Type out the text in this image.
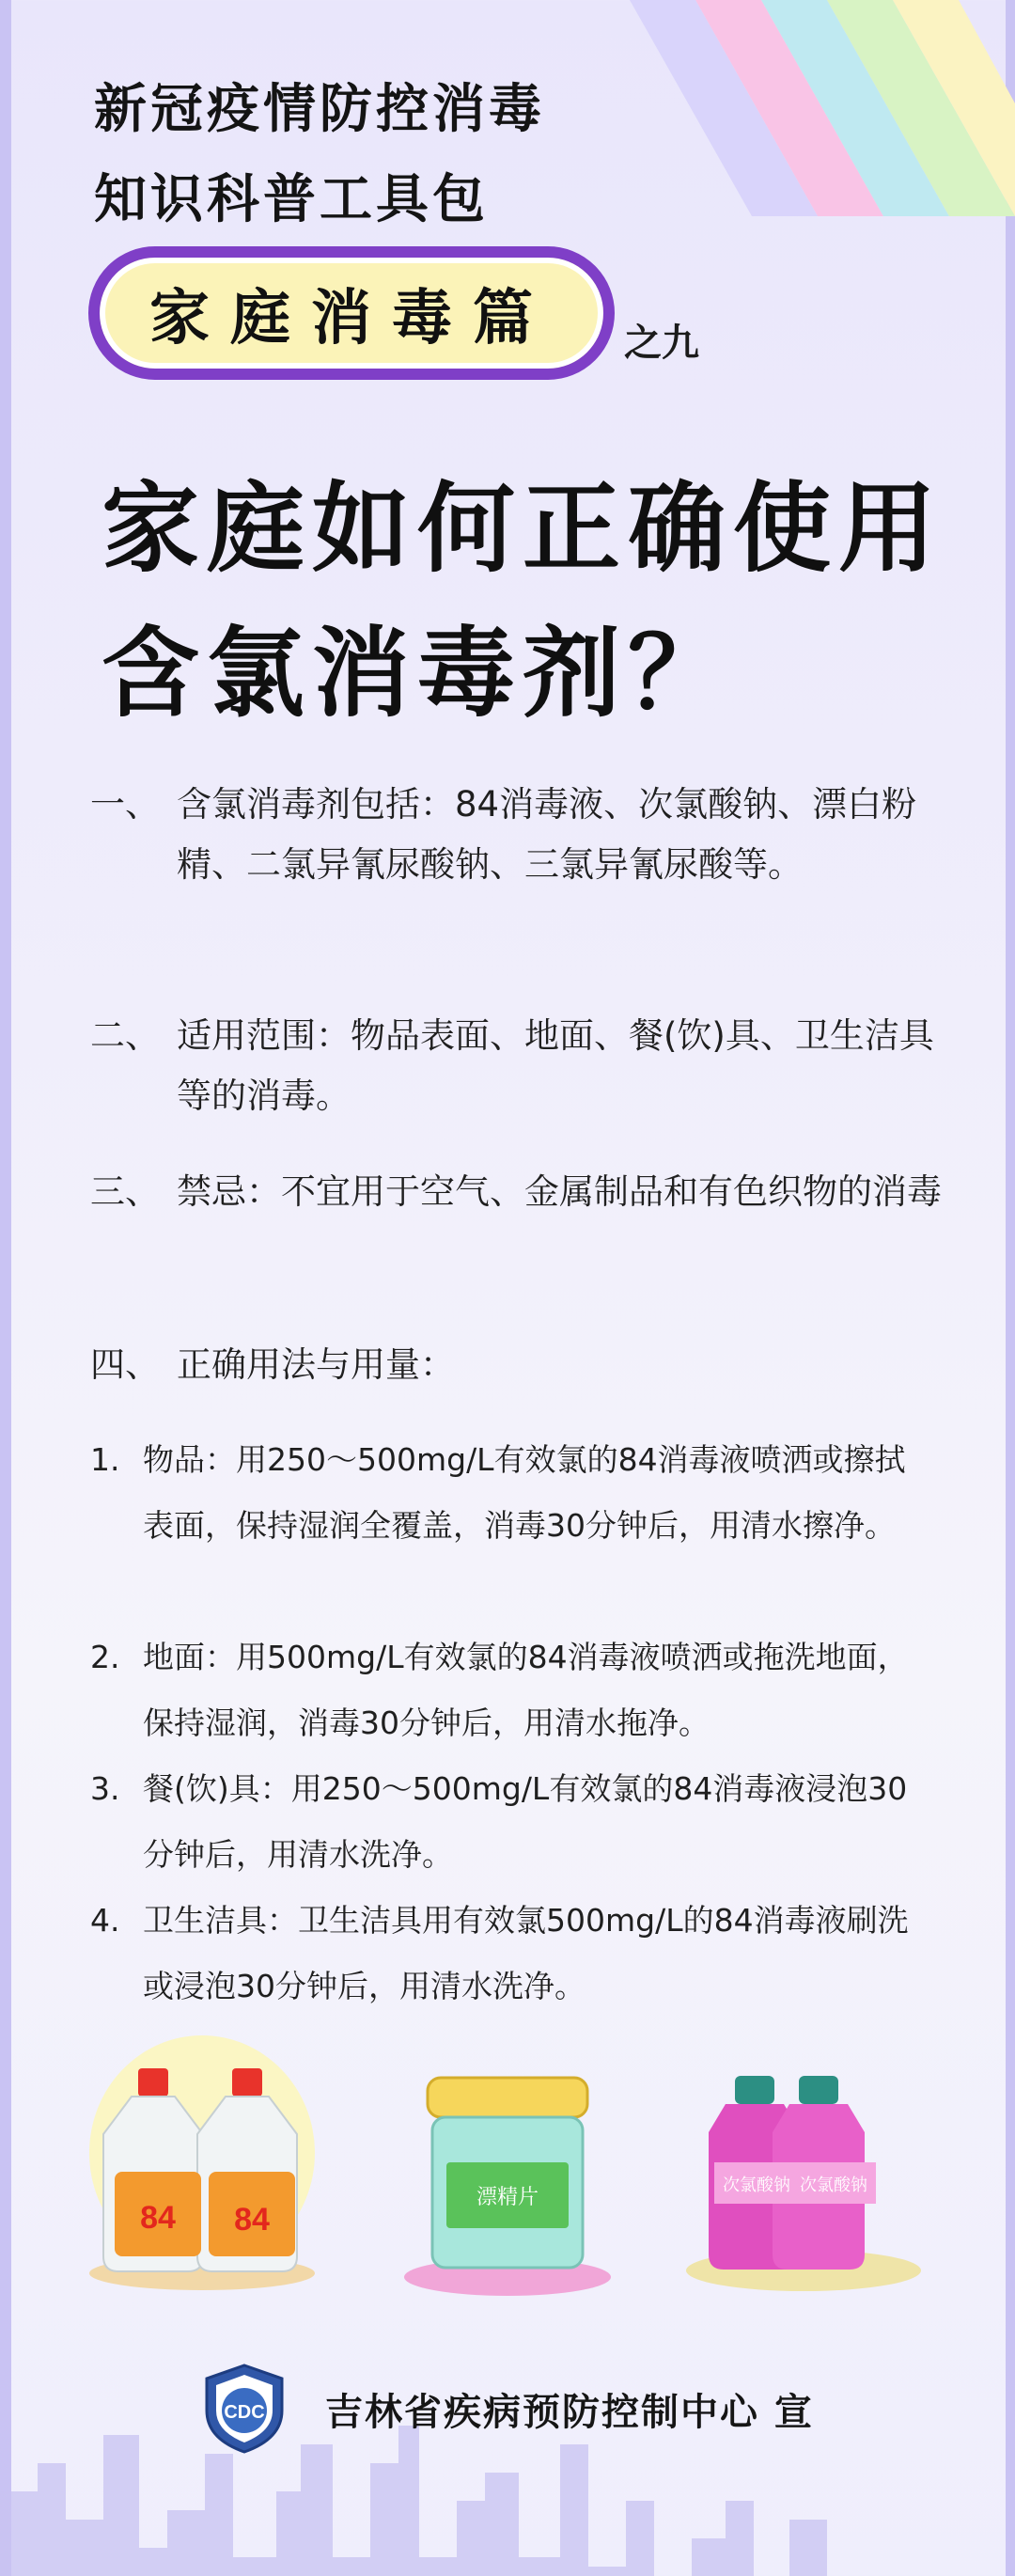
新冠疫情防控消毒
知识科普工具包
家庭消毒篇	之九
家庭如何正确使用
含氯消毒剂？
一、 含氯消毒剂包括：84消毒液、次氯酸钠、漂白粉精、二氯异氰尿酸钠、三氯异氰尿酸等。
二、 适用范围：物品表面、地面、餐(饮)具、卫生洁具等的消毒。
三、 禁忌：不宜用于空气、金属制品和有色织物的消毒
四、 正确用法与用量：
1. 物品：用250～500mg/L有效氯的84消毒液喷洒或擦拭表面，保持湿润全覆盖，消毒30分钟后，用清水擦净。
2. 地面：用500mg/L有效氯的84消毒液喷洒或拖洗地面，保持湿润，消毒30分钟后，用清水拖净。
3. 餐(饮)具：用250～500mg/L有效氯的84消毒液浸泡30分钟后，用清水洗净。
4. 卫生洁具：卫生洁具用有效氯500mg/L的84消毒液刷洗或浸泡30分钟后，用清水洗净。
84 84
漂精片	次氯酸钠 次氯酸钠
CDC 吉林省疾病预防控制中心 宣
